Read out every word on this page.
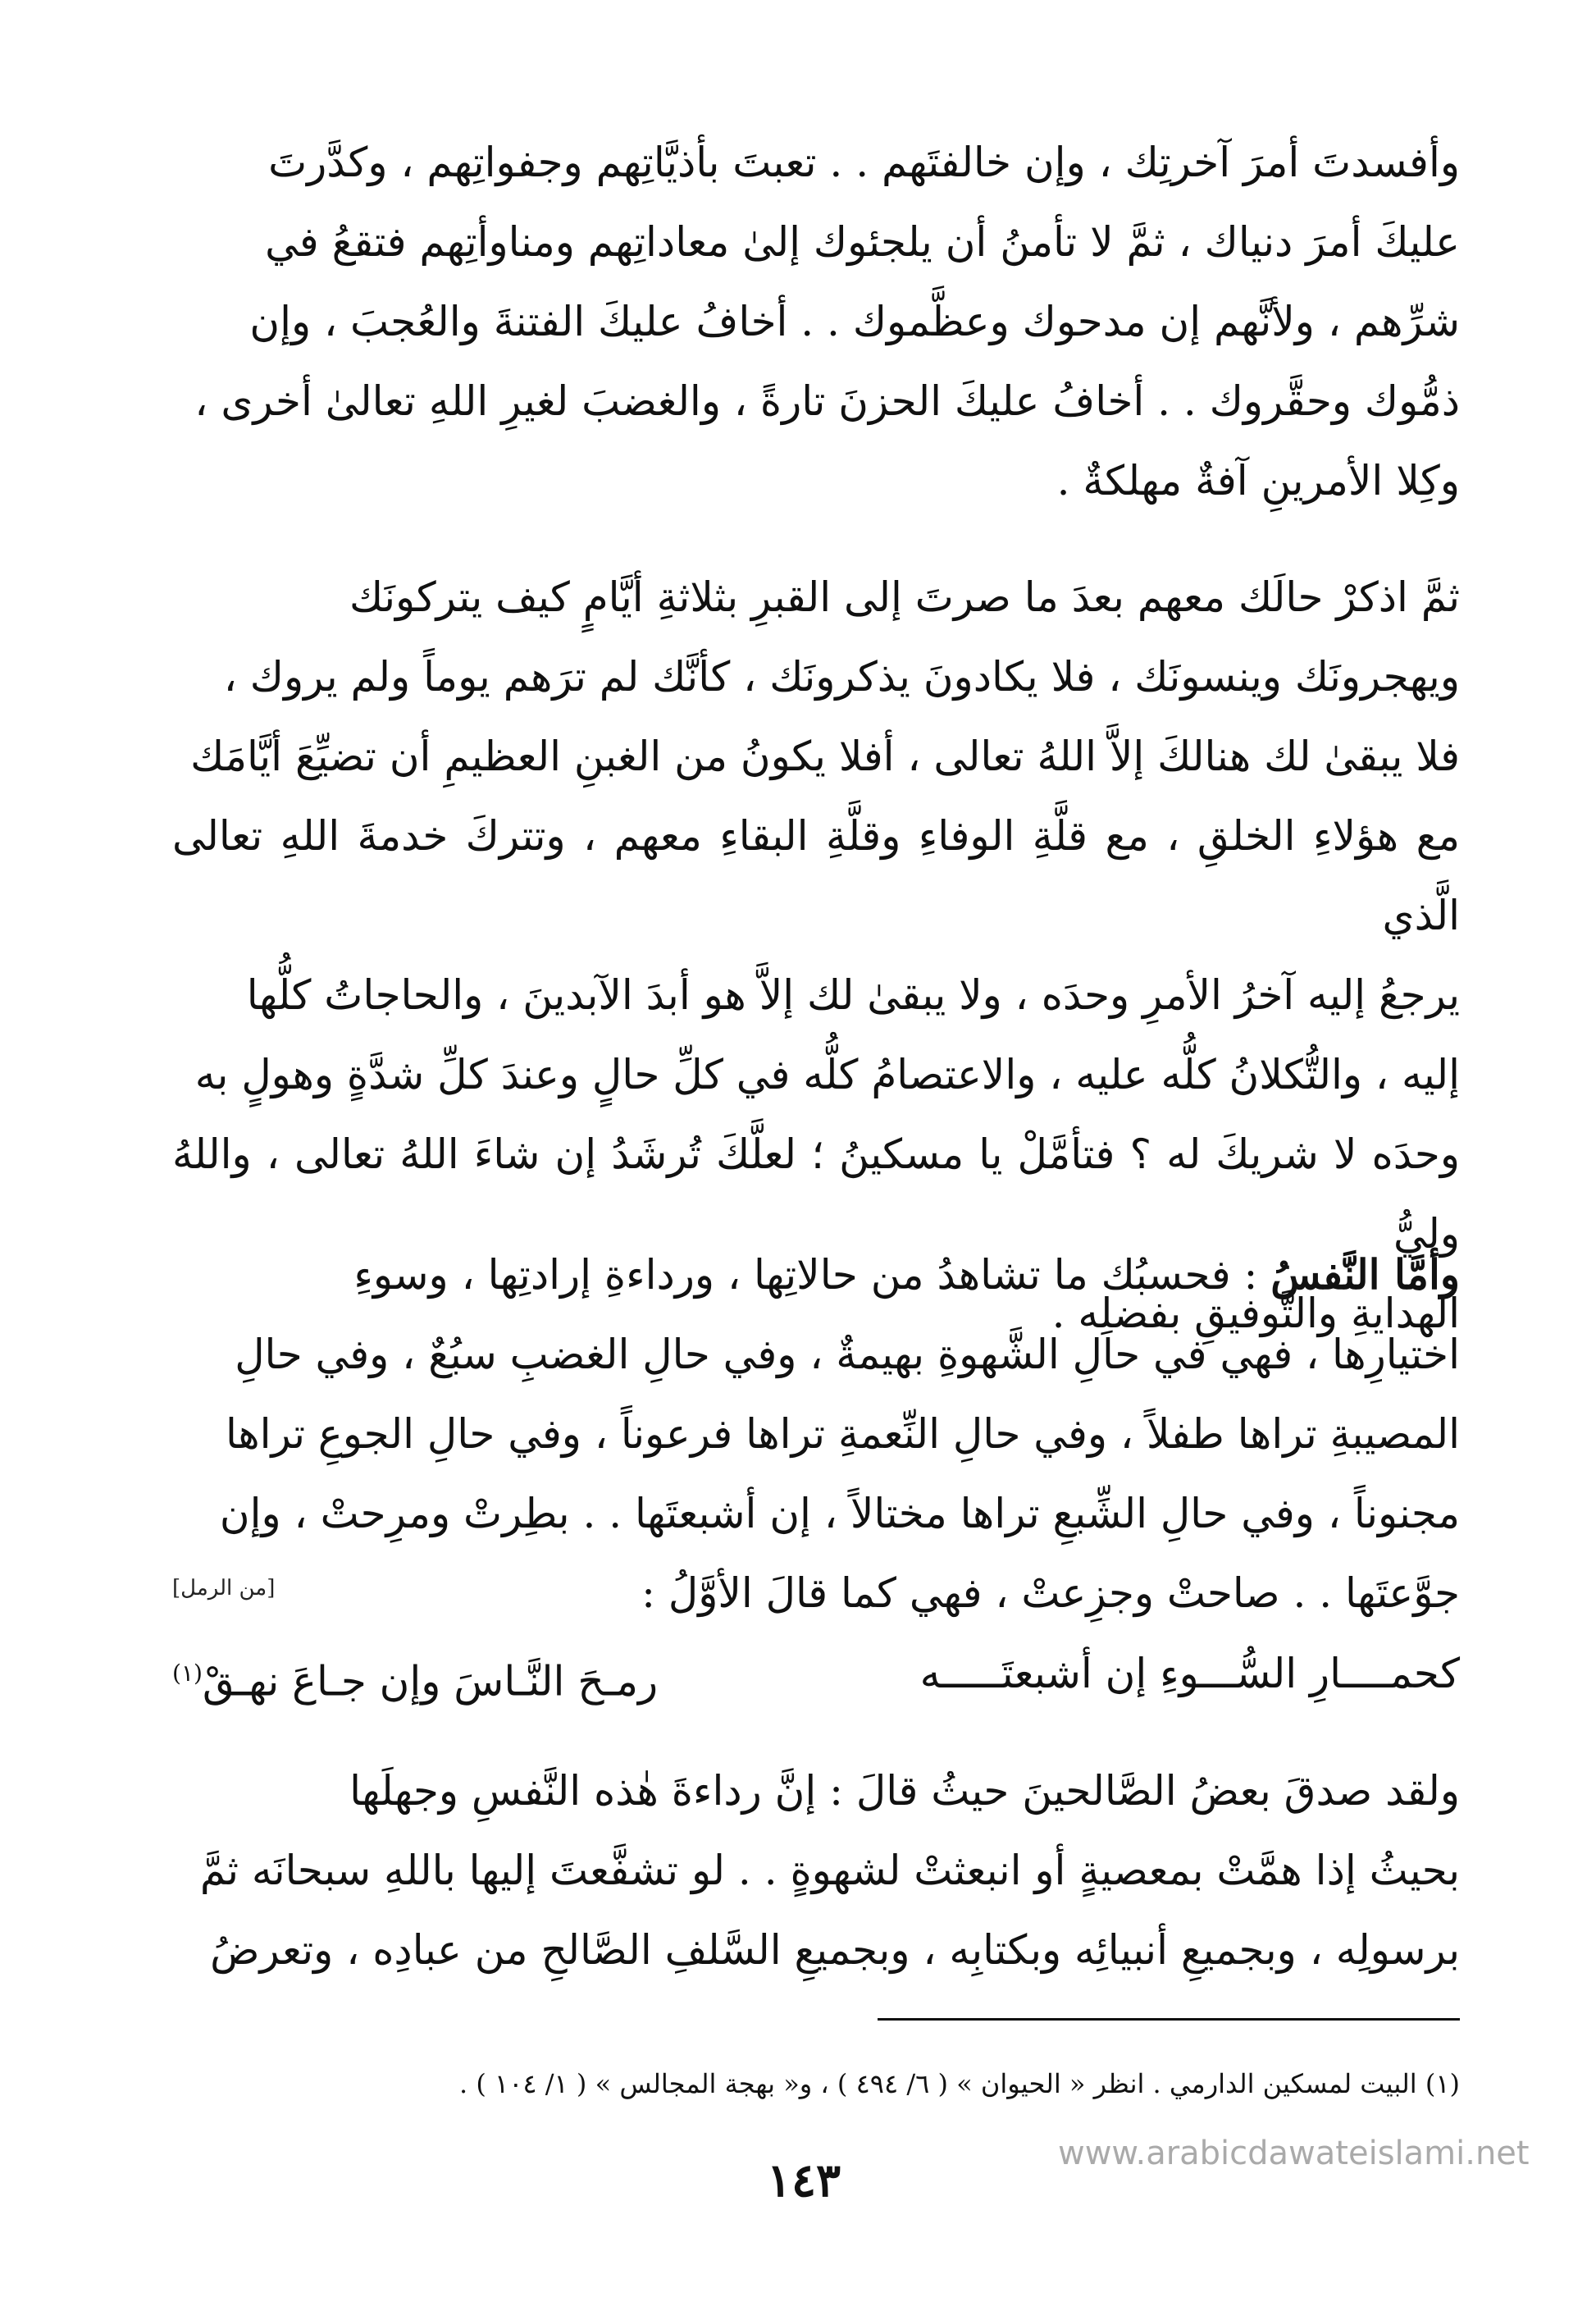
وأفسدتَ أمرَ آخرتِك ، وإن خالفتَهم . . تعبتَ بأذيَّاتِهم وجفواتِهم ، وكدَّرتَ

عليكَ أمرَ دنياك ، ثمَّ لا تأمنُ أن يلجئوك إلىٰ معاداتِهم ومناوأتِهم فتقعُ في

شرِّهم ، ولأنَّهم إن مدحوك وعظَّموك . . أخافُ عليكَ الفتنةَ والعُجبَ ، وإن

ذمُّوك وحقَّروك . . أخافُ عليكَ الحزنَ تارةً ، والغضبَ لغيرِ اللهِ تعالىٰ أخرى ،

وكِلا الأمرينِ آفةٌ مهلكةٌ .

ثمَّ اذكرْ حالَك معهم بعدَ ما صرتَ إلى القبرِ بثلاثةِ أيَّامٍ كيف يتركونَك

ويهجرونَك وينسونَك ، فلا يكادونَ يذكرونَك ، كأنَّك لم ترَهم يوماً ولم يروك ،

فلا يبقىٰ لك هنالكَ إلاَّ اللهُ تعالى ، أفلا يكونُ من الغبنِ العظيمِ أن تضيِّعَ أيَّامَك

مع هؤلاءِ الخلقِ ، مع قلَّةِ الوفاءِ وقلَّةِ البقاءِ معهم ، وتتركَ خدمةَ اللهِ تعالى الَّذي

يرجعُ إليه آخرُ الأمرِ وحدَه ، ولا يبقىٰ لك إلاَّ هو أبدَ الآبدينَ ، والحاجاتُ كلُّها

إليه ، والتُّكلانُ كلُّه عليه ، والاعتصامُ كلُّه في كلِّ حالٍ وعندَ كلِّ شدَّةٍ وهولٍ به

وحدَه لا شريكَ له ؟ فتأمَّلْ يا مسكينُ ؛ لعلَّكَ تُرشَدُ إن شاءَ اللهُ تعالى ، واللهُ وليُّ

الهدايةِ والتَّوفيقِ بفضلِه .

وأمَّا النَّفسُ : فحسبُك ما تشاهدُ من حالاتِها ، ورداءةِ إرادتِها ، وسوءِ

اختيارِها ، فهي في حالِ الشَّهوةِ بهيمةٌ ، وفي حالِ الغضبِ سبُعٌ ، وفي حالِ

المصيبةِ تراها طفلاً ، وفي حالِ النِّعمةِ تراها فرعوناً ، وفي حالِ الجوعِ تراها

مجنوناً ، وفي حالِ الشِّبعِ تراها مختالاً ، إن أشبعتَها . . بطِرتْ ومرِحتْ ، وإن

جوَّعتَها . . صاحتْ وجزِعتْ ، فهي كما قالَ الأوَّلُ :
[من الرمل]

كحمــــارِ السُّـــوءِ إن أشبعتَـــــه
رمـحَ النَّـاسَ وإن جـاعَ نهـقْ$^{(١)}$

ولقد صدقَ بعضُ الصَّالحينَ حيثُ قالَ : إنَّ رداءةَ هٰذه النَّفسِ وجهلَها

بحيثُ إذا همَّتْ بمعصيةٍ أو انبعثتْ لشهوةٍ . . لو تشفَّعتَ إليها باللهِ سبحانَه ثمَّ

برسولِه ، وبجميعِ أنبيائِه وبكتابِه ، وبجميعِ السَّلفِ الصَّالحِ من عبادِه ، وتعرضُ

(١) البيت لمسكين الدارمي . انظر « الحيوان » ( ٦/ ٤٩٤ ) ، و« بهجة المجالس » ( ١/ ١٠٤ ) .
١٤٣	www.arabicdawateislami.net
